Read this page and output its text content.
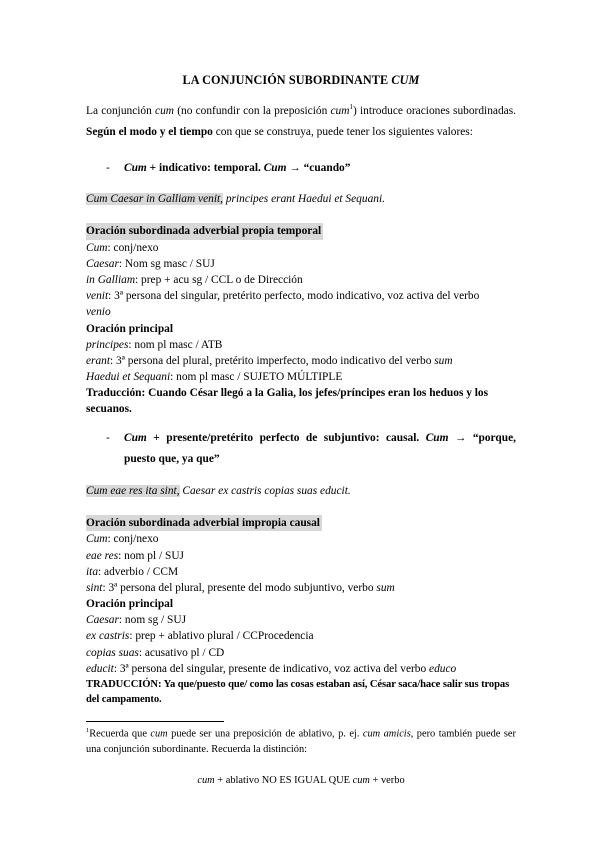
LA CONJUNCIÓN SUBORDINANTE CUM

La conjunción cum (no confundir con la preposición cum$^1$) introduce oraciones subordinadas. Según el modo y el tiempo con que se construya, puede tener los siguientes valores:

-	Cum + indicativo: temporal. Cum → “cuando”

Cum Caesar in Galliam venit, principes erant Haedui et Sequani.

Oración subordinada adverbial propia temporal

Cum: conj/nexo

Caesar: Nom sg masc / SUJ

in Galliam: prep + acu sg / CCL o de Dirección

venit: 3ª persona del singular, pretérito perfecto, modo indicativo, voz activa del verbo
venio

Oración principal

principes: nom pl masc / ATB

erant: 3ª persona del plural, pretérito imperfecto, modo indicativo del verbo sum

Haedui et Sequani: nom pl masc / SUJETO MÚLTIPLE

Traducción: Cuando César llegó a la Galia, los jefes/príncipes eran los heduos y los secuanos.

-	Cum + presente/pretérito perfecto de subjuntivo: causal. Cum → “porque, puesto que, ya que”

Cum eae res ita sint, Caesar ex castris copias suas educit.

Oración subordinada adverbial impropia causal

Cum: conj/nexo

eae res: nom pl / SUJ

ita: adverbio / CCM

sint: 3ª persona del plural, presente del modo subjuntivo, verbo sum

Oración principal

Caesar: nom sg / SUJ

ex castris: prep + ablativo plural / CCProcedencia

copias suas: acusativo pl / CD

educit: 3ª persona del singular, presente de indicativo, voz activa del verbo educo

TRADUCCIÓN: Ya que/puesto que/ como las cosas estaban así, César saca/hace salir sus tropas del campamento.

$^1$Recuerda que cum puede ser una preposición de ablativo, p. ej. cum amicis, pero también puede ser una conjunción subordinante. Recuerda la distinción:

cum + ablativo NO ES IGUAL QUE cum + verbo
